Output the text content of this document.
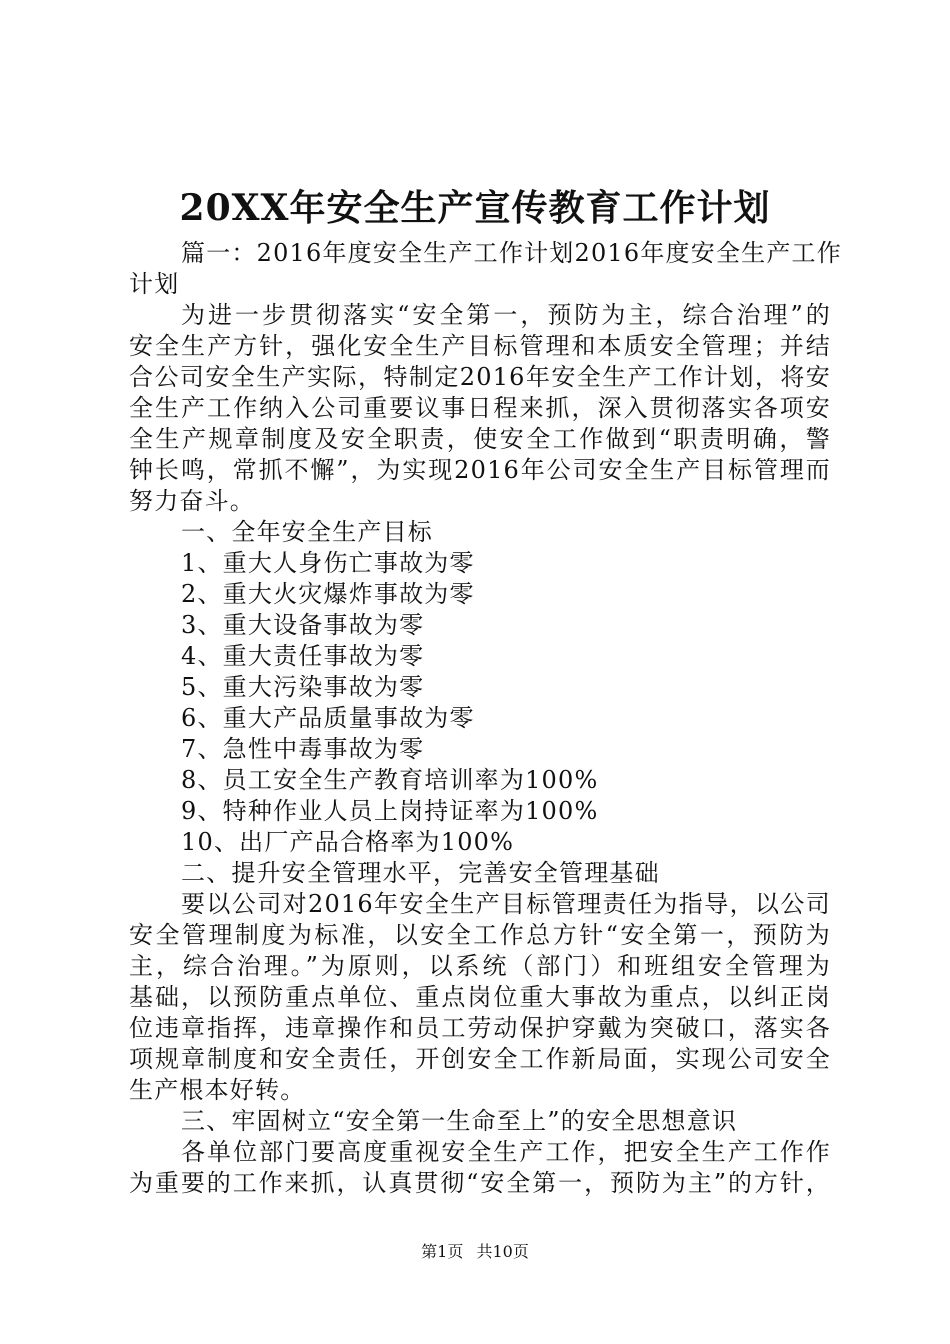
20XX年安全生产宣传教育工作计划
篇一：2016年度安全生产工作计划2016年度安全生产工作
计划
为进一步贯彻落实“安全第一，预防为主，综合治理”的
安全生产方针，强化安全生产目标管理和本质安全管理；并结
合公司安全生产实际，特制定2016年安全生产工作计划，将安
全生产工作纳入公司重要议事日程来抓，深入贯彻落实各项安
全生产规章制度及安全职责，使安全工作做到“职责明确，警
钟长鸣，常抓不懈”，为实现2016年公司安全生产目标管理而
努力奋斗。
一、全年安全生产目标
1、重大人身伤亡事故为零
2、重大火灾爆炸事故为零
3、重大设备事故为零
4、重大责任事故为零
5、重大污染事故为零
6、重大产品质量事故为零
7、急性中毒事故为零
8、员工安全生产教育培训率为100%
9、特种作业人员上岗持证率为100%
10、出厂产品合格率为100%
二、提升安全管理水平，完善安全管理基础
要以公司对2016年安全生产目标管理责任为指导，以公司
安全管理制度为标准，以安全工作总方针“安全第一，预防为
主，综合治理。”为原则，以系统（部门）和班组安全管理为
基础，以预防重点单位、重点岗位重大事故为重点，以纠正岗
位违章指挥，违章操作和员工劳动保护穿戴为突破口，落实各
项规章制度和安全责任，开创安全工作新局面，实现公司安全
生产根本好转。
三、牢固树立“安全第一生命至上”的安全思想意识
各单位部门要高度重视安全生产工作，把安全生产工作作
为重要的工作来抓，认真贯彻“安全第一，预防为主”的方针，
第1页 共10页
